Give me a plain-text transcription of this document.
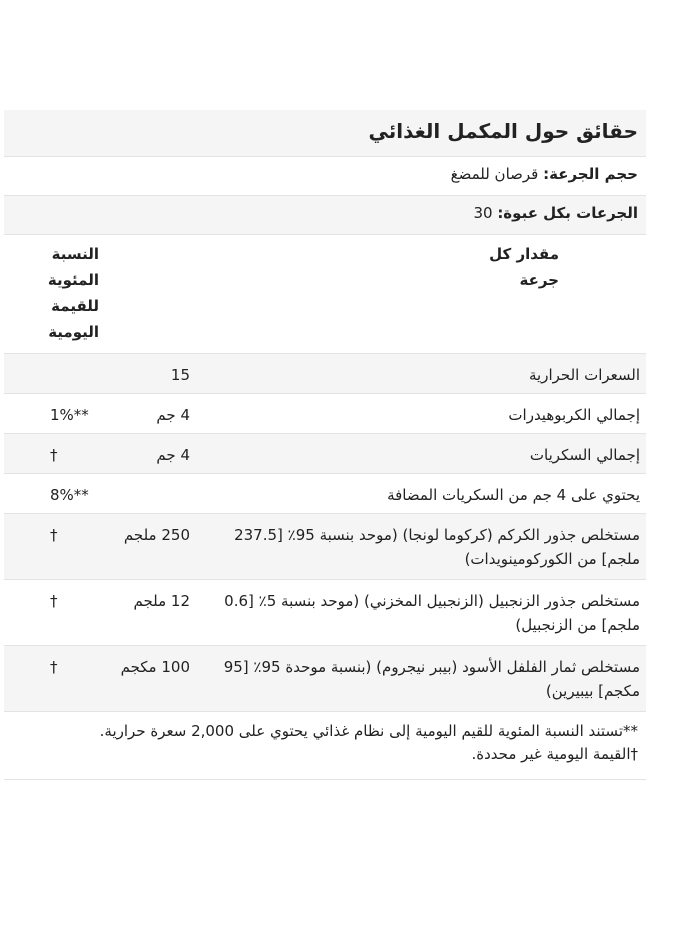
حقائق حول المكمل الغذائي
حجم الجرعة: قرصان للمضغ
الجرعات بكل عبوة: 30
مقدار كل
جرعة
النسبة
المئوية
للقيمة
اليومية
السعرات الحرارية
15
إجمالي الكربوهيدرات
4 جم
1%**
إجمالي السكريات
4 جم
†
يحتوي على 4 جم من السكريات المضافة
8%**
مستخلص جذور الكركم (كركوما لونجا) (موحد بنسبة 95٪ [237.5 ملجم] من الكوركومينويدات)
250 ملجم
†
مستخلص جذور الزنجبيل (الزنجبيل المخزني) (موحد بنسبة 5٪ [0.6 ملجم] من الزنجبيل)
12 ملجم
†
مستخلص ثمار الفلفل الأسود (بيبر نيجروم) (بنسبة موحدة 95٪ [95 مكجم] بيبيرين)
100 مكجم
†
**تستند النسبة المئوية للقيم اليومية إلى نظام غذائي يحتوي على 2,000 سعرة حرارية.
†القيمة اليومية غير محددة.
